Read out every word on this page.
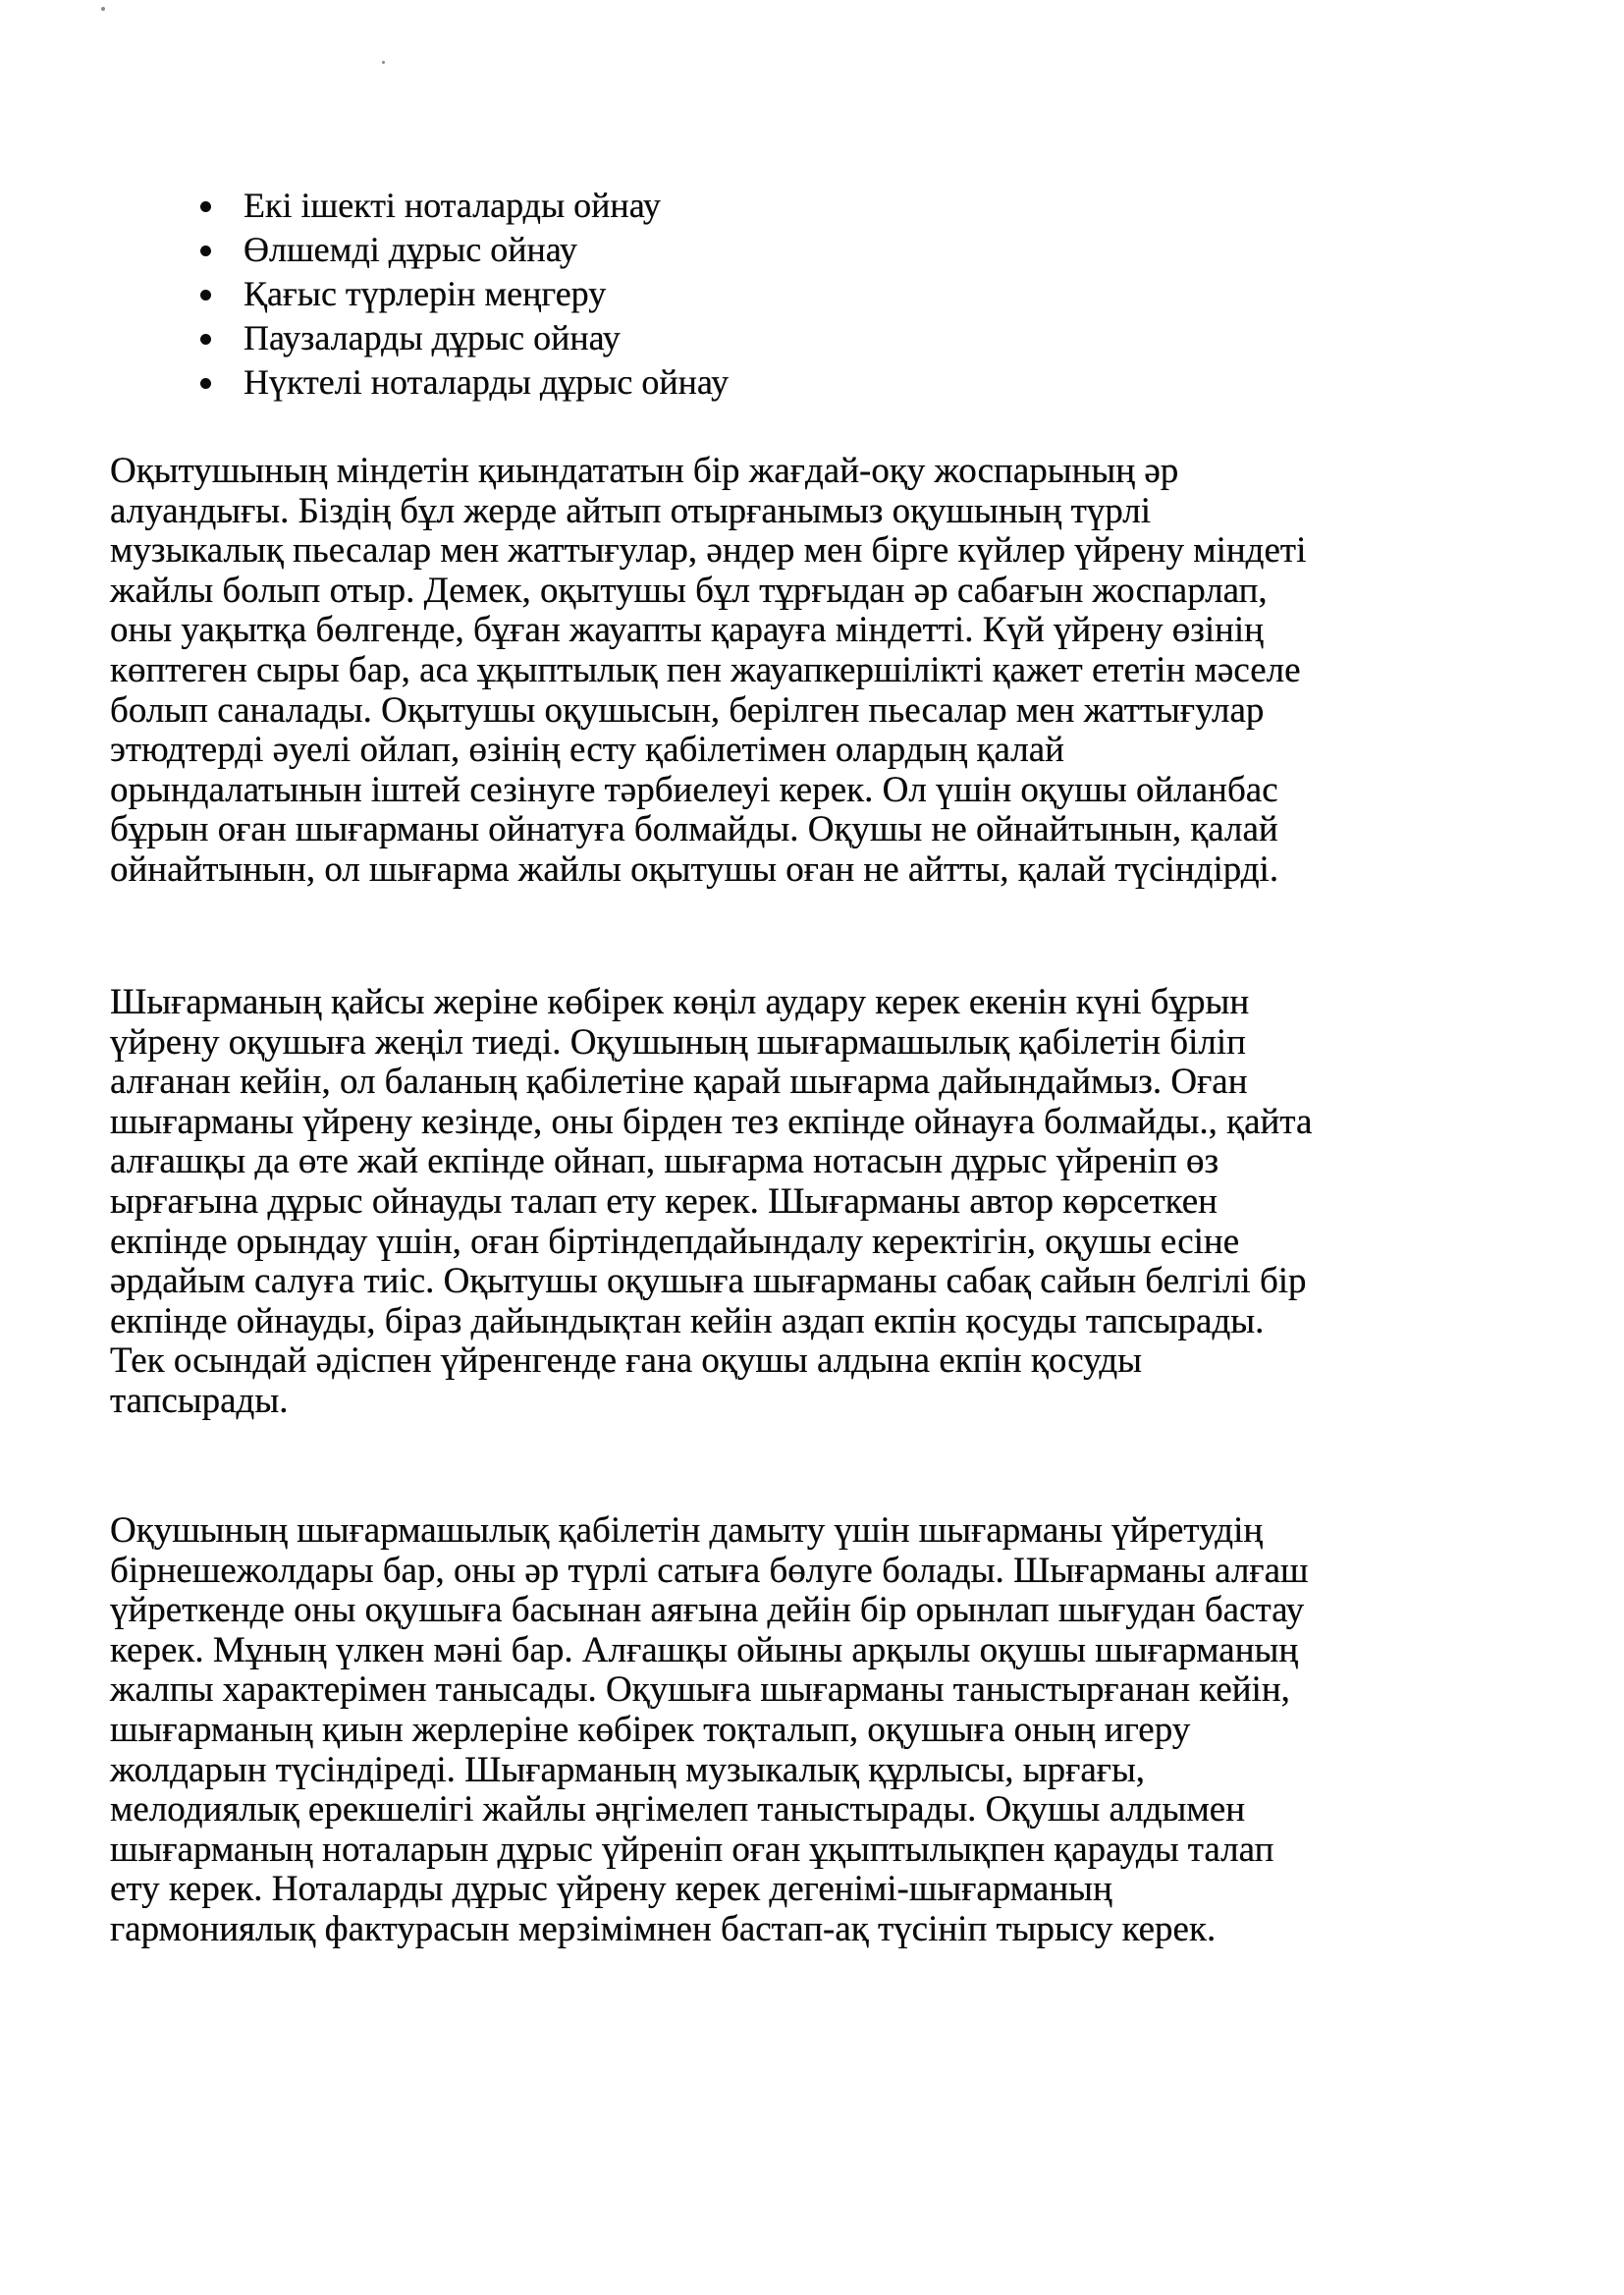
Екі ішекті ноталарды ойнау
Өлшемді дұрыс ойнау
Қағыс түрлерін меңгеру
Паузаларды дұрыс ойнау
Нүктелі ноталарды дұрыс ойнау
Оқытушының міндетін қиындататын бір жағдай-оқу жоспарының әр
алуандығы. Біздің бұл жерде айтып отырғанымыз оқушының түрлі
музыкалық пьесалар мен жаттығулар, әндер мен бірге күйлер үйрену міндеті
жайлы болып отыр. Демек, оқытушы бұл тұрғыдан әр сабағын жоспарлап,
оны уақытқа бөлгенде, бұған жауапты қарауға міндетті. Күй үйрену өзінің
көптеген сыры бар, аса ұқыптылық пен жауапкершілікті қажет ететін мәселе
болып саналады. Оқытушы оқушысын, берілген пьесалар мен жаттығулар
этюдтерді әуелі ойлап, өзінің есту қабілетімен олардың қалай
орындалатынын іштей сезінуге тәрбиелеуі керек. Ол үшін оқушы ойланбас
бұрын оған шығарманы ойнатуға болмайды. Оқушы не ойнайтынын, қалай
ойнайтынын, ол шығарма жайлы оқытушы оған не айтты, қалай түсіндірді.
Шығарманың қайсы жеріне көбірек көңіл аудару керек екенін күні бұрын
үйрену оқушыға жеңіл тиеді. Оқушының шығармашылық қабілетін біліп
алғанан кейін, ол баланың қабілетіне қарай шығарма дайындаймыз. Оған
шығарманы үйрену кезінде, оны бірден тез екпінде ойнауға болмайды., қайта
алғашқы да өте жай екпінде ойнап, шығарма нотасын дұрыс үйреніп өз
ырғағына дұрыс ойнауды талап ету керек. Шығарманы автор көрсеткен
екпінде орындау үшін, оған біртіндепдайындалу керектігін, оқушы есіне
әрдайым салуға тиіс. Оқытушы оқушыға шығарманы сабақ сайын белгілі бір
екпінде ойнауды, біраз дайындықтан кейін аздап екпін қосуды тапсырады.
Тек осындай әдіспен үйренгенде ғана оқушы алдына екпін қосуды
тапсырады.
Оқушының шығармашылық қабілетін дамыту үшін шығарманы үйретудің
бірнешежолдары бар, оны әр түрлі сатыға бөлуге болады. Шығарманы алғаш
үйреткенде оны оқушыға басынан аяғына дейін бір орынлап шығудан бастау
керек. Мұның үлкен мәні бар. Алғашқы ойыны арқылы оқушы шығарманың
жалпы характерімен танысады. Оқушыға шығарманы таныстырғанан кейін,
шығарманың қиын жерлеріне көбірек тоқталып, оқушыға оның игеру
жолдарын түсіндіреді. Шығарманың музыкалық құрлысы, ырғағы,
мелодиялық ерекшелігі жайлы әңгімелеп таныстырады. Оқушы алдымен
шығарманың ноталарын дұрыс үйреніп оған ұқыптылықпен қарауды талап
ету керек. Ноталарды дұрыс үйрену керек дегенімі-шығарманың
гармониялық фактурасын мерзімімнен бастап-ақ түсініп тырысу керек.
